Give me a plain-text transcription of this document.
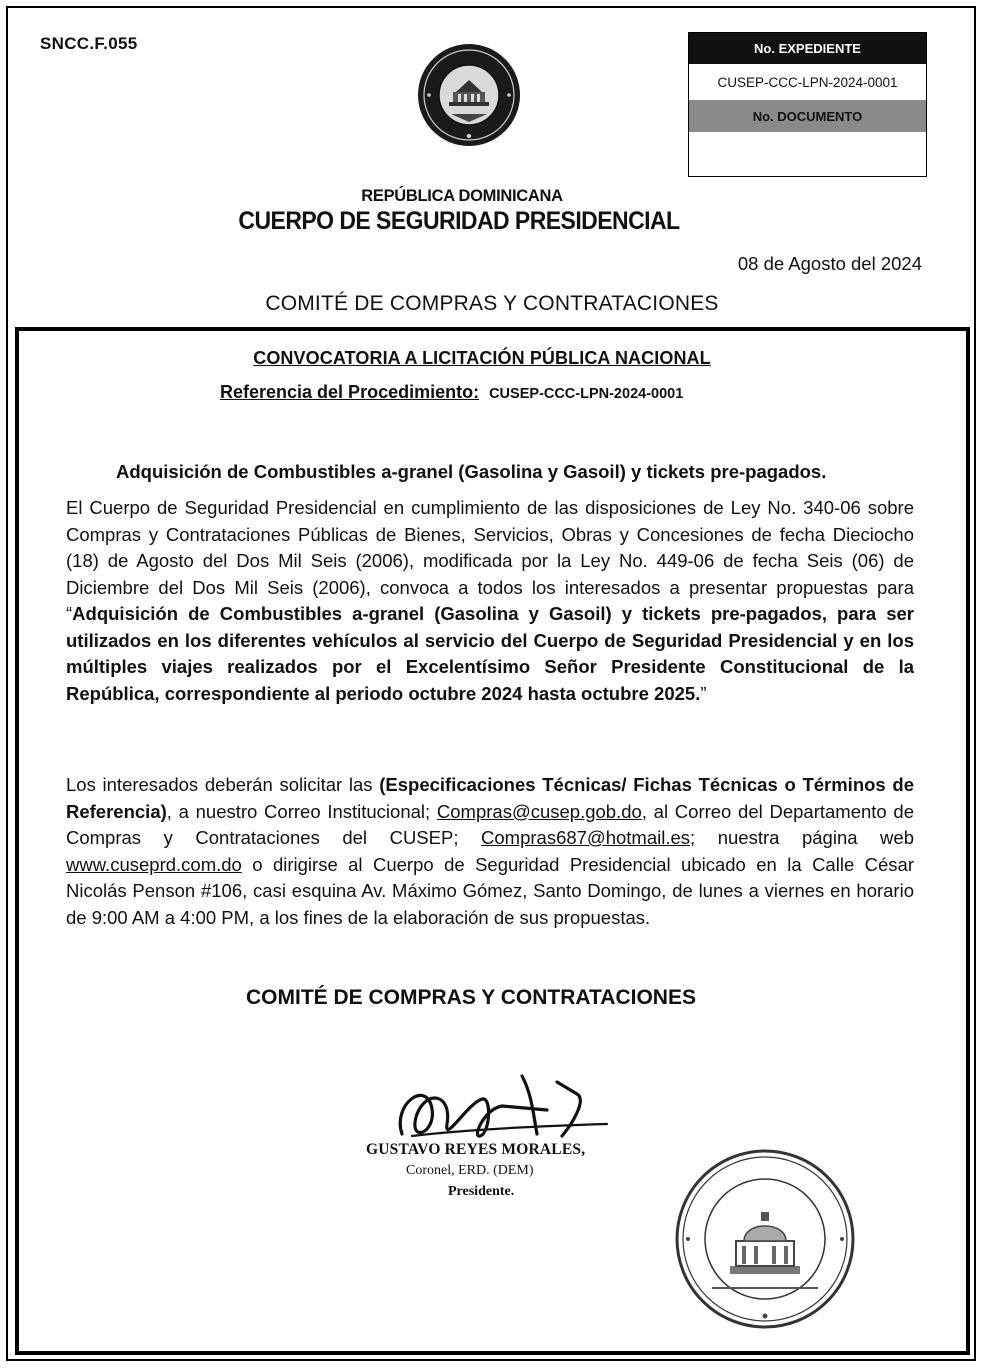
SNCC.F.055	No. EXPEDIENTE
CUSEP-CCC-LPN-2024-0001
No. DOCUMENTO
REPÚBLICA DOMINICANA
CUERPO DE SEGURIDAD PRESIDENCIAL
08 de Agosto del 2024
COMITÉ DE COMPRAS Y CONTRATACIONES
CONVOCATORIA A LICITACIÓN PÚBLICA NACIONAL
Referencia del Procedimiento: CUSEP-CCC-LPN-2024-0001
Adquisición de Combustibles a-granel (Gasolina y Gasoil) y tickets pre-pagados.
El Cuerpo de Seguridad Presidencial en cumplimiento de las disposiciones de Ley No. 340-06 sobre Compras y Contrataciones Públicas de Bienes, Servicios, Obras y Concesiones de fecha Dieciocho (18) de Agosto del Dos Mil Seis (2006), modificada por la Ley No. 449-06 de fecha Seis (06) de Diciembre del Dos Mil Seis (2006), convoca a todos los interesados a presentar propuestas para “Adquisición de Combustibles a-granel (Gasolina y Gasoil) y tickets pre-pagados, para ser utilizados en los diferentes vehículos al servicio del Cuerpo de Seguridad Presidencial y en los múltiples viajes realizados por el Excelentísimo Señor Presidente Constitucional de la República, correspondiente al periodo octubre 2024 hasta octubre 2025.”
Los interesados deberán solicitar las (Especificaciones Técnicas/ Fichas Técnicas o Términos de Referencia), a nuestro Correo Institucional; Compras@cusep.gob.do, al Correo del Departamento de Compras y Contrataciones del CUSEP; Compras687@hotmail.es; nuestra página web www.cuseprd.com.do o dirigirse al Cuerpo de Seguridad Presidencial ubicado en la Calle César Nicolás Penson #106, casi esquina Av. Máximo Gómez, Santo Domingo, de lunes a viernes en horario de 9:00 AM a 4:00 PM, a los fines de la elaboración de sus propuestas.
COMITÉ DE COMPRAS Y CONTRATACIONES
GUSTAVO REYES MORALES,
Coronel, ERD. (DEM)
Presidente.
